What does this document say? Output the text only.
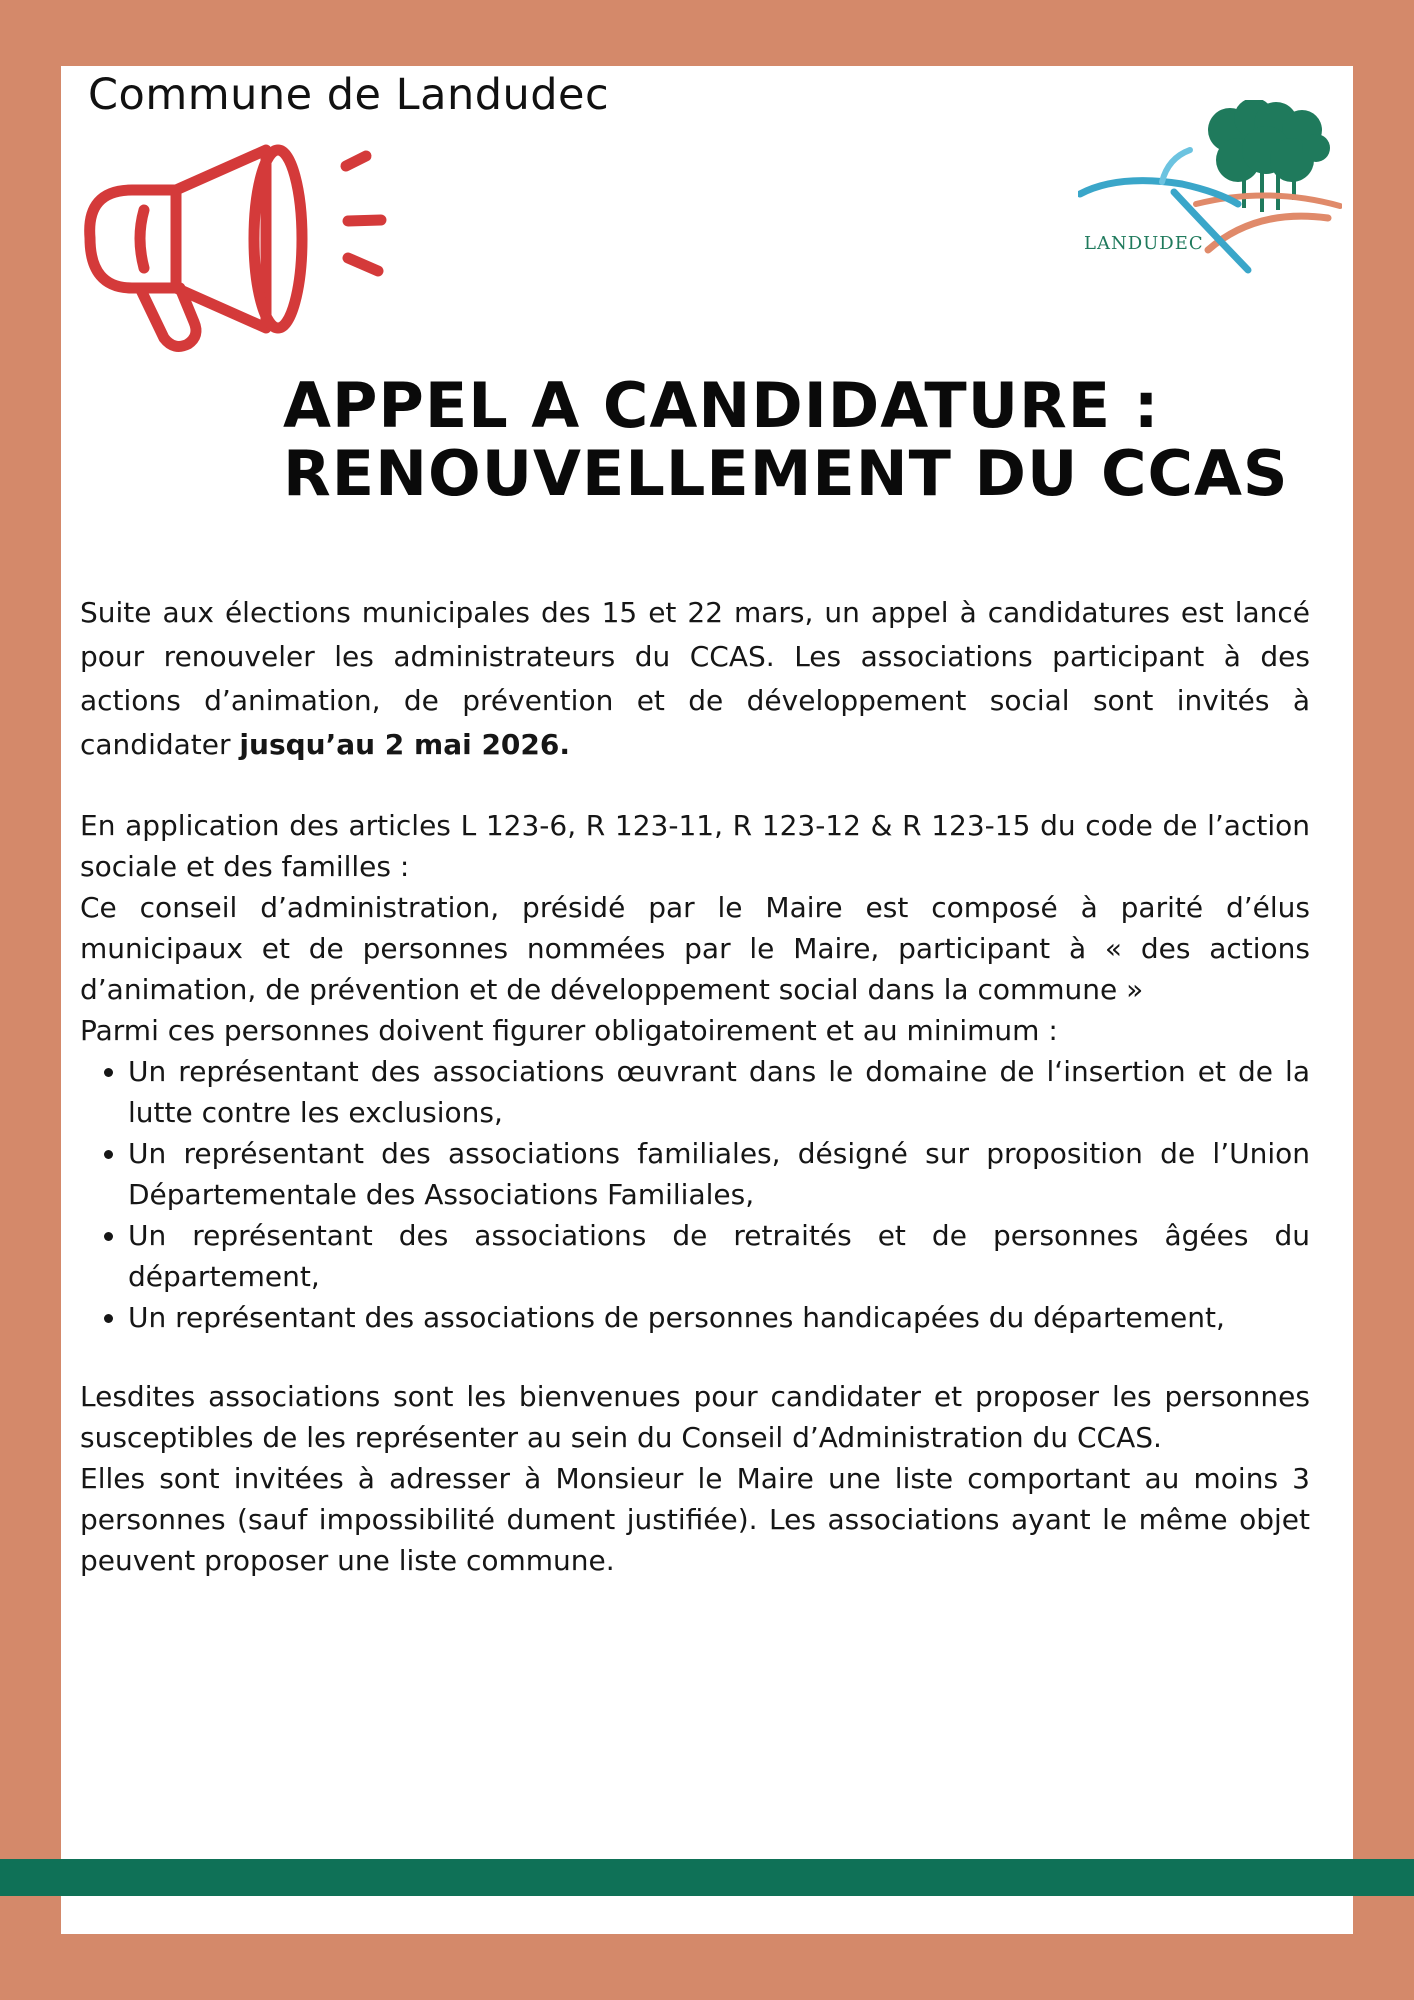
Commune de Landudec
LANDUDEC
APPEL A CANDIDATURE :
RENOUVELLEMENT DU CCAS

Suite aux élections municipales des 15 et 22 mars, un appel à candidatures est lancé pour renouveler les administrateurs du CCAS. Les associations participant à des actions d’animation, de prévention et de développement social sont invités à candidater jusqu’au 2 mai 2026.

En application des articles L 123-6, R 123-11, R 123-12 & R 123-15 du code de l’action sociale et des familles :

Ce conseil d’administration, présidé par le Maire est composé à parité d’élus municipaux et de personnes nommées par le Maire, participant à « des actions d’animation, de prévention et de développement social dans la commune »

Parmi ces personnes doivent figurer obligatoirement et au minimum :

• Un représentant des associations œuvrant dans le domaine de l‘insertion et de la lutte contre les exclusions,
• Un représentant des associations familiales, désigné sur proposition de l’Union Départementale des Associations Familiales,
• Un représentant des associations de retraités et de personnes âgées du département,
• Un représentant des associations de personnes handicapées du département,

Lesdites associations sont les bienvenues pour candidater et proposer les personnes susceptibles de les représenter au sein du Conseil d’Administration du CCAS.

Elles sont invitées à adresser à Monsieur le Maire une liste comportant au moins 3 personnes (sauf impossibilité dument justifiée). Les associations ayant le même objet peuvent proposer une liste commune.
